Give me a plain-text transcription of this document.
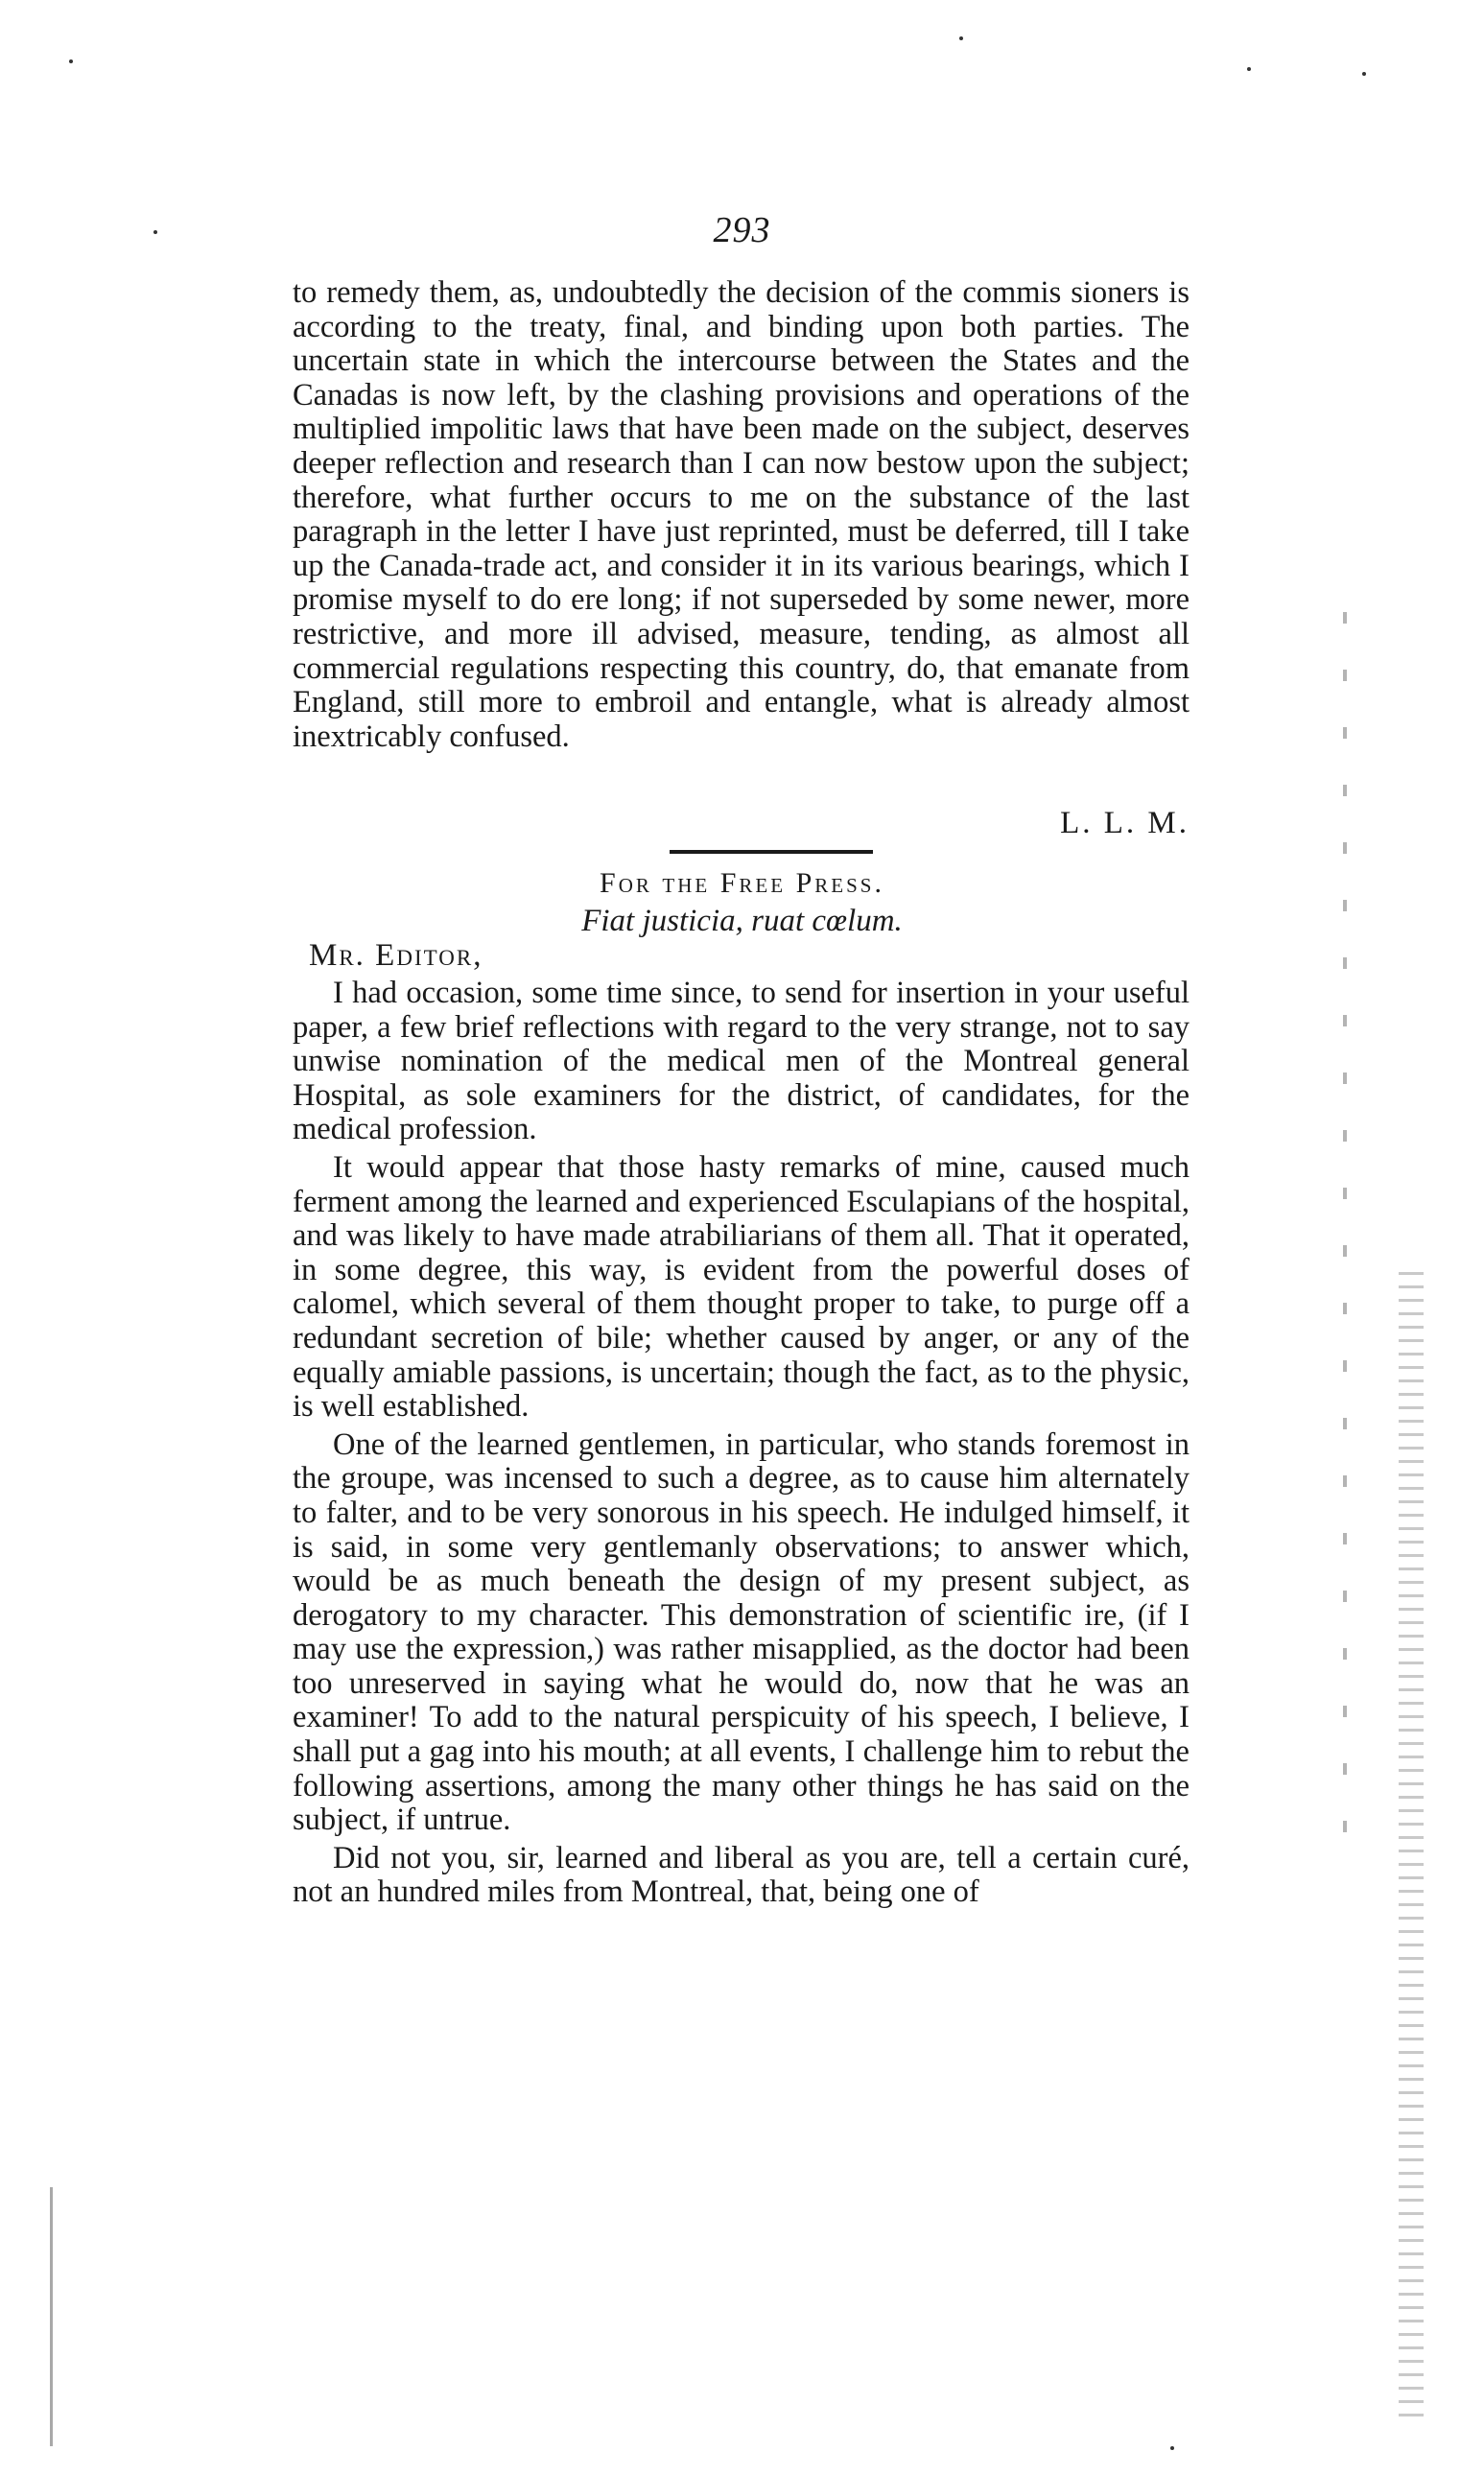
293

to remedy them, as, undoubtedly the decision of the commis sioners is according to the treaty, final, and binding upon both parties. The uncertain state in which the intercourse between the States and the Canadas is now left, by the clashing provisions and operations of the multiplied impolitic laws that have been made on the subject, deserves deeper reflection and research than I can now bestow upon the subject; therefore, what further occurs to me on the substance of the last paragraph in the letter I have just reprinted, must be deferred, till I take up the Canada-trade act, and consider it in its various bearings, which I promise myself to do ere long; if not superseded by some newer, more restrictive, and more ill advised, measure, tending, as almost all commercial regulations respecting this country, do, that emanate from England, still more to embroil and entangle, what is already almost inextricably confused.

L. L. M.
For the Free Press.
Fiat justicia, ruat cœlum.
Mr. Editor,

I had occasion, some time since, to send for insertion in your useful paper, a few brief reflections with regard to the very strange, not to say unwise nomination of the medical men of the Montreal general Hospital, as sole examiners for the district, of candidates, for the medical profession.

It would appear that those hasty remarks of mine, caused much ferment among the learned and experienced Esculapians of the hospital, and was likely to have made atrabiliarians of them all. That it operated, in some degree, this way, is evident from the powerful doses of calomel, which several of them thought proper to take, to purge off a redundant secretion of bile; whether caused by anger, or any of the equally amiable passions, is uncertain; though the fact, as to the physic, is well established.

One of the learned gentlemen, in particular, who stands foremost in the groupe, was incensed to such a degree, as to cause him alternately to falter, and to be very sonorous in his speech. He indulged himself, it is said, in some very gentlemanly observations; to answer which, would be as much beneath the design of my present subject, as derogatory to my character. This demonstration of scientific ire, (if I may use the expression,) was rather misapplied, as the doctor had been too unreserved in saying what he would do, now that he was an examiner! To add to the natural perspicuity of his speech, I believe, I shall put a gag into his mouth; at all events, I challenge him to rebut the following assertions, among the many other things he has said on the subject, if untrue.

Did not you, sir, learned and liberal as you are, tell a certain curé, not an hundred miles from Montreal, that, being one of
